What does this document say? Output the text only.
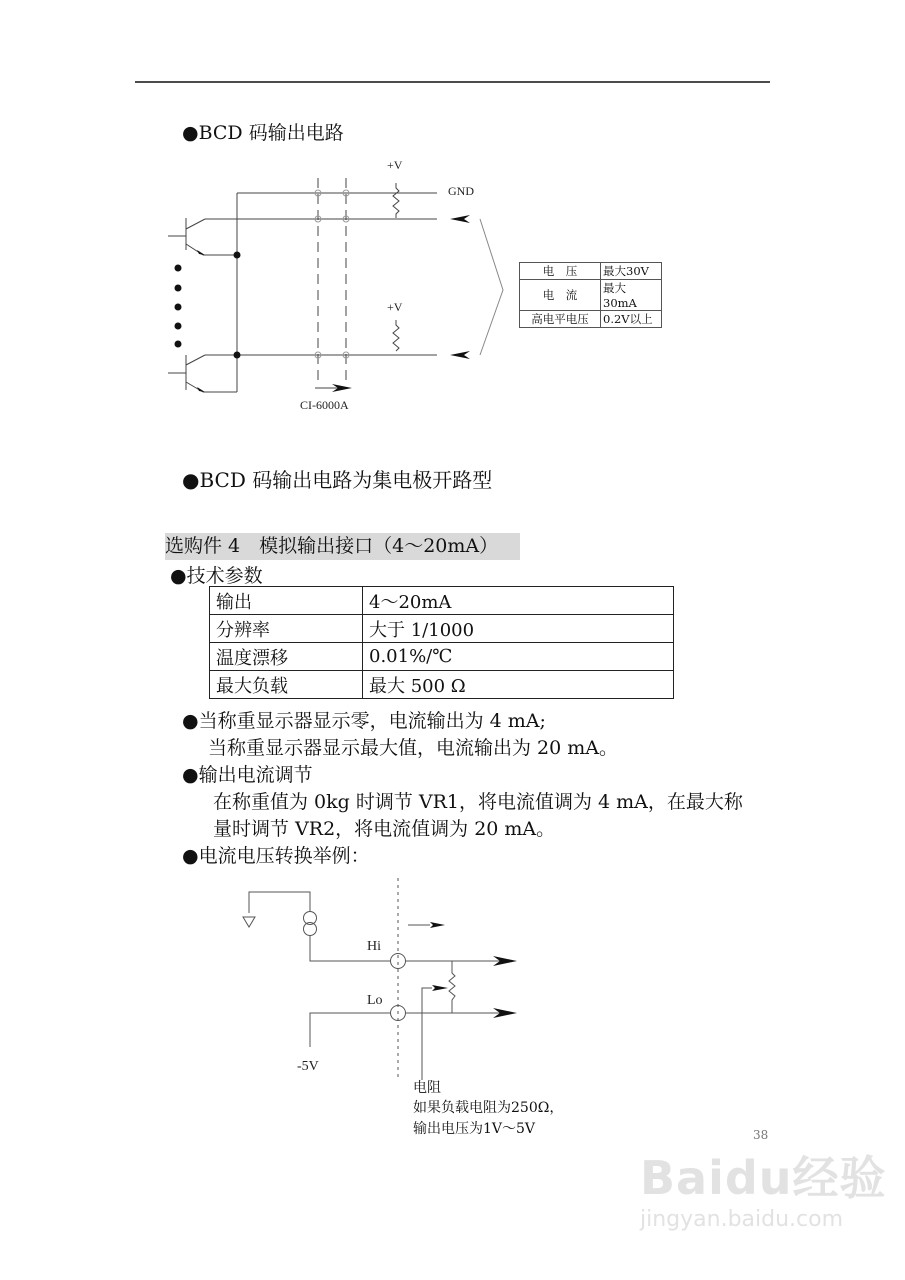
+V
+V
GND
CI-6000A
Hi
Lo
-5V
●BCD 码输出电路
电　压	最大30V
电　流	最大30mA
高电平电压	0.2V以上
●BCD 码输出电路为集电极开路型
选购件 4　模拟输出接口（4～20mA）
●技术参数
输出	4～20mA
分辨率	大于 1/1000
温度漂移	0.01%/℃
最大负载	最大 500 Ω
●当称重显示器显示零，电流输出为 4 mA;
当称重显示器显示最大值，电流输出为 20 mA。
●输出电流调节
在称重值为 0kg 时调节 VR1，将电流值调为 4 mA，在最大称
量时调节 VR2，将电流值调为 20 mA。
●电流电压转换举例：
电阻
如果负载电阻为250Ω，
输出电压为1V～5V	38
Baidu经验
jingyan.baidu.com
